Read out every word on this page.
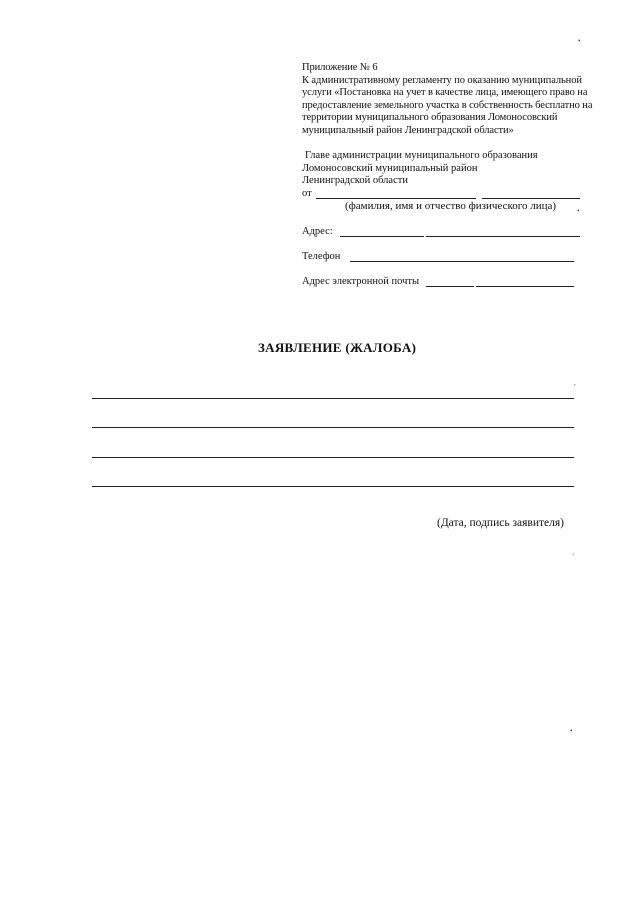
•
Приложение № 6
К административному регламенту по оказанию муниципальной
услуги «Постановка на учет в качестве лица, имеющего право на
предоставление земельного участка в собственность бесплатно на
территории муниципального образования Ломоносовский
муниципальный район Ленинградской области»
Главе администрации муниципального образования
Ломоносовский муниципальный район
Ленинградской области
от
(фамилия, имя и отчество физического лица)	•
Адрес:
Телефон
Адрес электронной почты
ЗАЯВЛЕНИЕ (ЖАЛОБА)
,
(Дата, подпись заявителя)
ʻ
•
